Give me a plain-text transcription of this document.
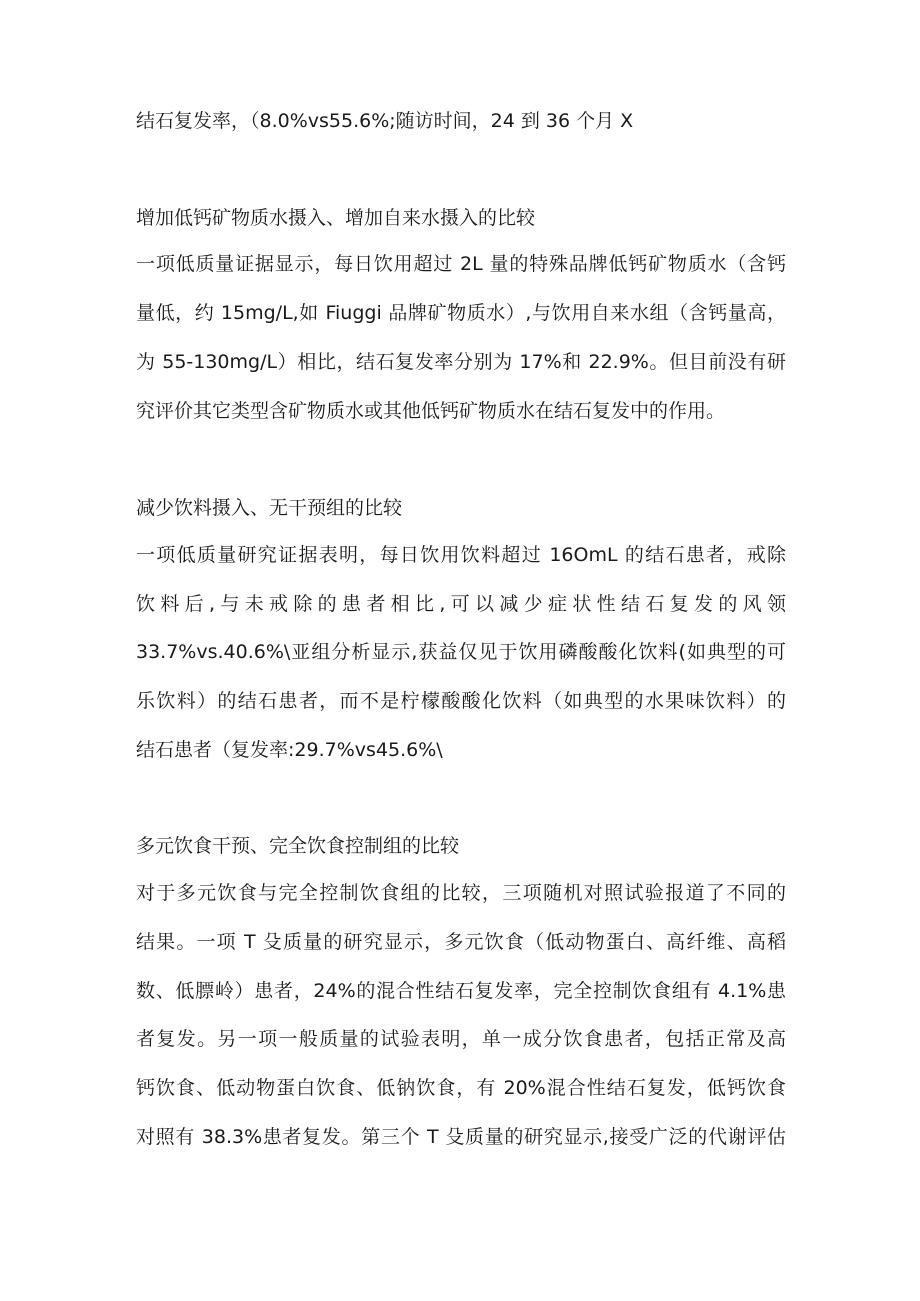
结石复发率，（8.0%vs55.6%;随访时间，24 到 36 个月 X

增加低钙矿物质水摄入、增加自来水摄入的比较

一项低质量证据显示，每日饮用超过 2L 量的特殊品牌低钙矿物质水（含钙

量低，约 15mg/L,如 Fiuggi 品牌矿物质水）,与饮用自来水组（含钙量高，

为 55-130mg/L）相比，结石复发率分别为 17%和 22.9%。但目前没有研

究评价其它类型含矿物质水或其他低钙矿物质水在结石复发中的作用。

减少饮料摄入、无干预组的比较

一项低质量研究证据表明，每日饮用饮料超过 16OmL 的结石患者，戒除

饮料后,与未戒除的患者相比,可以减少症状性结石复发的风领

33.7%vs.40.6%\亚组分析显示,获益仅见于饮用磷酸酸化饮料(如典型的可

乐饮料）的结石患者，而不是柠檬酸酸化饮料（如典型的水果味饮料）的

结石患者（复发率:29.7%vs45.6%\

多元饮食干预、完全饮食控制组的比较

对于多元饮食与完全控制饮食组的比较，三项随机对照试验报道了不同的

结果。一项 T 殳质量的研究显示，多元饮食（低动物蛋白、高纤维、高稻

数、低膘岭）患者，24%的混合性结石复发率，完全控制饮食组有 4.1%患

者复发。另一项一般质量的试验表明，单一成分饮食患者，包括正常及高

钙饮食、低动物蛋白饮食、低钠饮食，有 20%混合性结石复发，低钙饮食

对照有 38.3%患者复发。第三个 T 殳质量的研究显示,接受广泛的代谢评估
